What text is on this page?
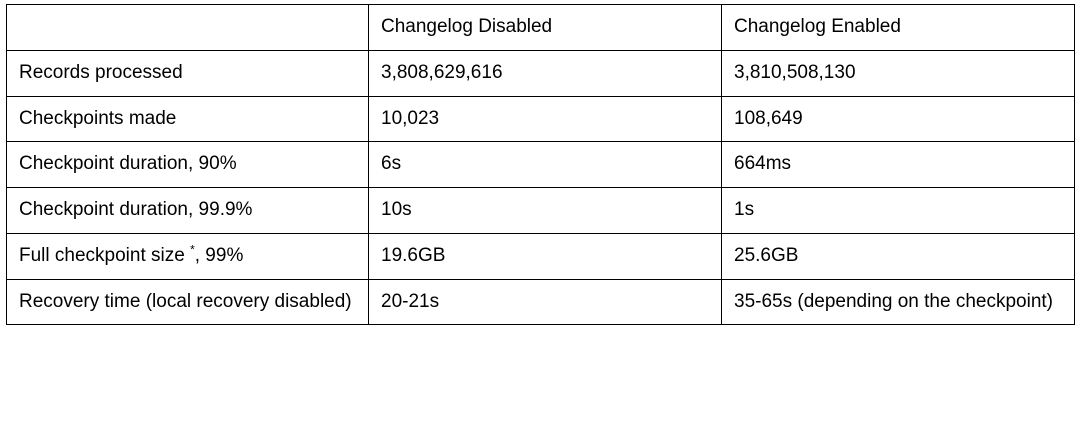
	Changelog Disabled	Changelog Enabled
Records processed	3,808,629,616	3,810,508,130
Checkpoints made	10,023	108,649
Checkpoint duration, 90%	6s	664ms
Checkpoint duration, 99.9%	10s	1s
Full checkpoint size *, 99%	19.6GB	25.6GB
Recovery time (local recovery disabled)	20-21s	35-65s (depending on the checkpoint)
